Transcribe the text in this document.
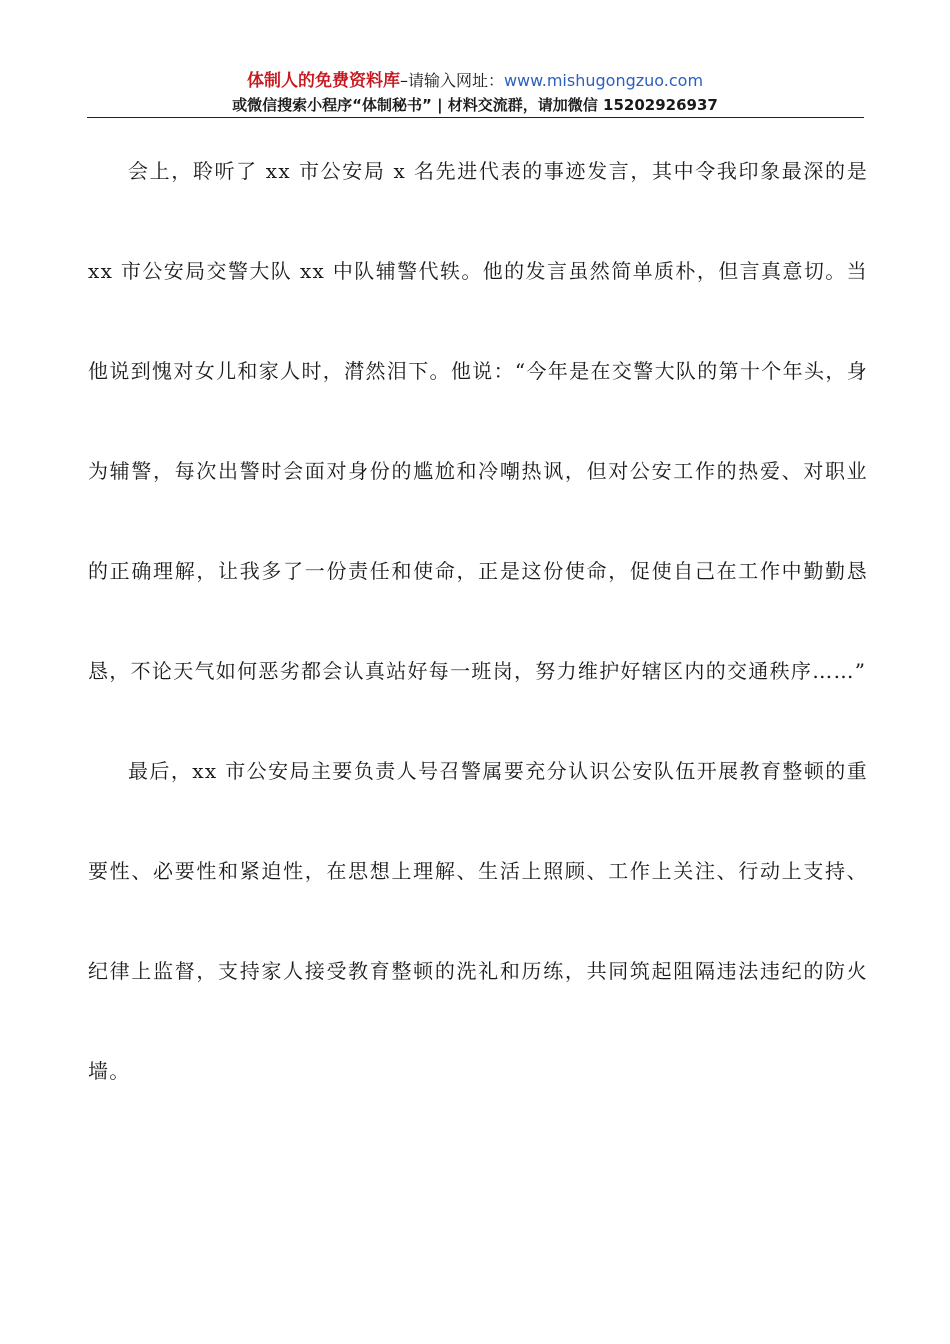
体制人的免费资料库–请输入网址：www.mishugongzuo.com
或微信搜索小程序“体制秘书” | 材料交流群，请加微信 15202926937

会上，聆听了 xx 市公安局 x 名先进代表的事迹发言，其中令我印象最深的是 xx 市公安局交警大队 xx 中队辅警代轶。他的发言虽然简单质朴，但言真意切。当他说到愧对女儿和家人时，潸然泪下。他说：“今年是在交警大队的第十个年头，身为辅警，每次出警时会面对身份的尴尬和冷嘲热讽，但对公安工作的热爱、对职业的正确理解，让我多了一份责任和使命，正是这份使命，促使自己在工作中勤勤恳恳，不论天气如何恶劣都会认真站好每一班岗，努力维护好辖区内的交通秩序……”

最后，xx 市公安局主要负责人号召警属要充分认识公安队伍开展教育整顿的重要性、必要性和紧迫性，在思想上理解、生活上照顾、工作上关注、行动上支持、纪律上监督，支持家人接受教育整顿的洗礼和历练，共同筑起阻隔违法违纪的防火墙。
